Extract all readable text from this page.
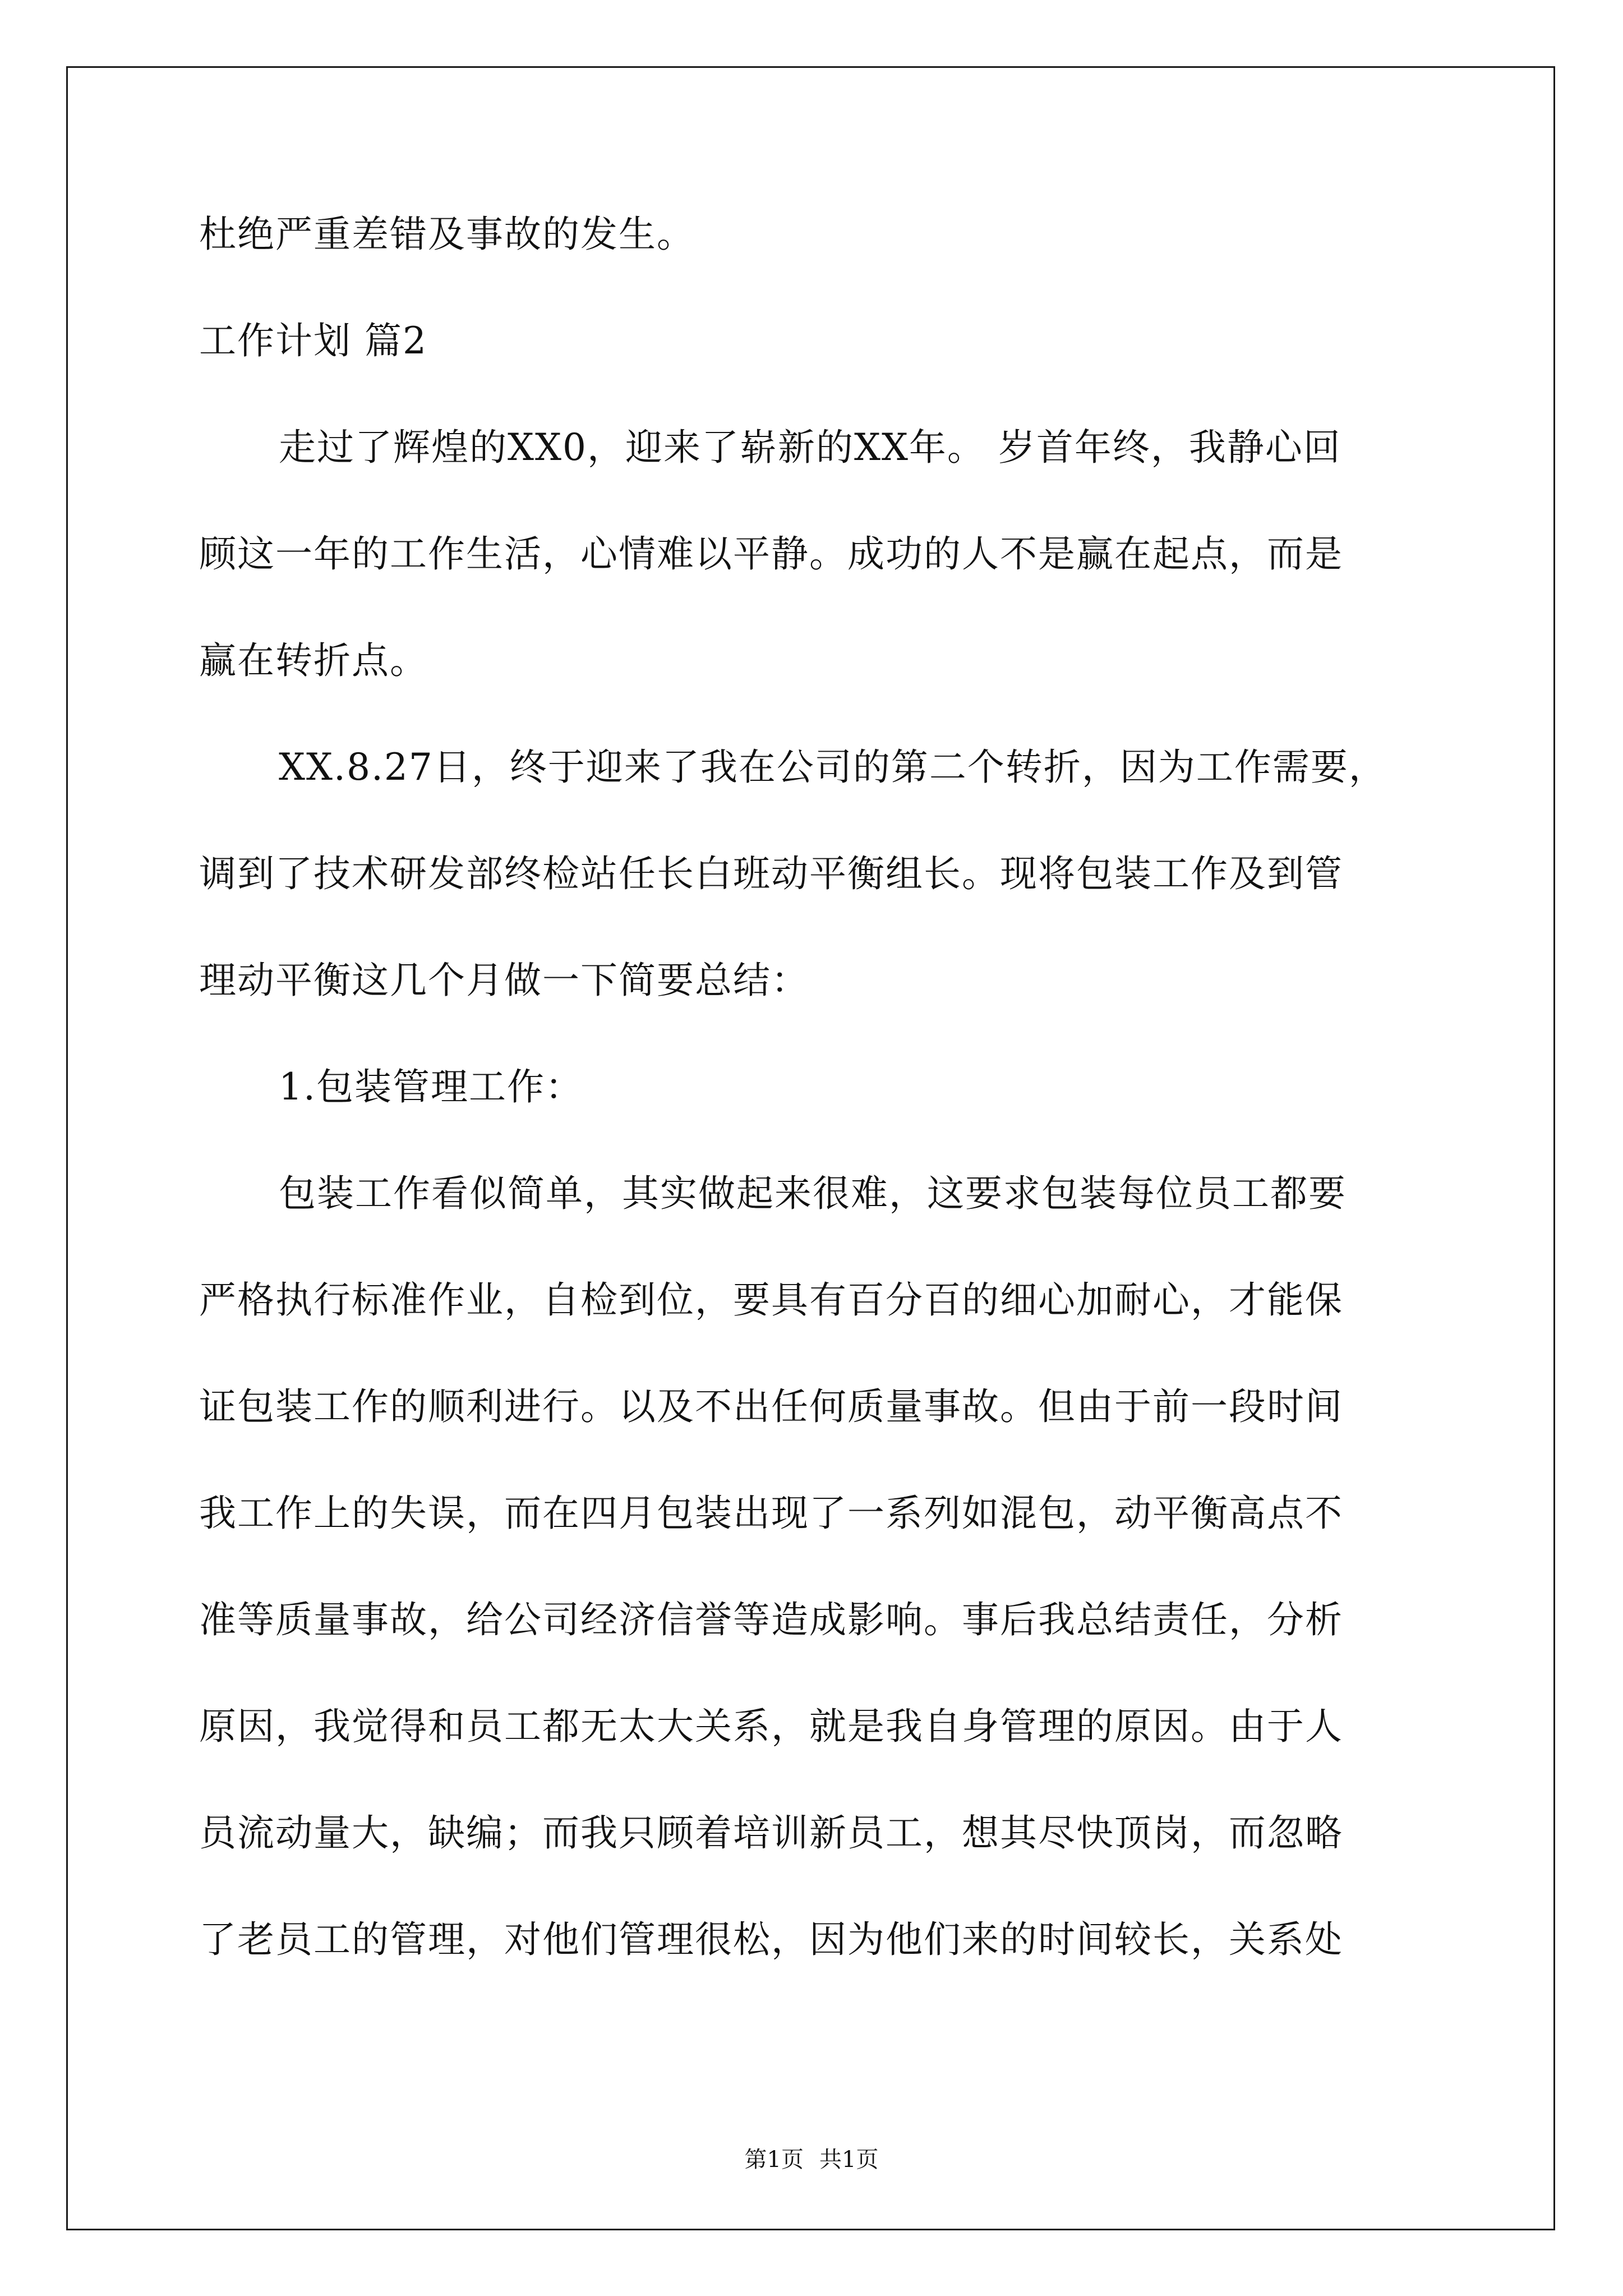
杜绝严重差错及事故的发生。
工作计划 篇2
走过了辉煌的XX0，迎来了崭新的XX年。 岁首年终，我静心回
顾这一年的工作生活，心情难以平静。成功的人不是赢在起点，而是
赢在转折点。
XX.8.27日，终于迎来了我在公司的第二个转折，因为工作需要，
调到了技术研发部终检站任长白班动平衡组长。现将包装工作及到管
理动平衡这几个月做一下简要总结：
1.包装管理工作：
包装工作看似简单，其实做起来很难，这要求包装每位员工都要
严格执行标准作业，自检到位，要具有百分百的细心加耐心，才能保
证包装工作的顺利进行。以及不出任何质量事故。但由于前一段时间
我工作上的失误，而在四月包装出现了一系列如混包，动平衡高点不
准等质量事故，给公司经济信誉等造成影响。事后我总结责任，分析
原因，我觉得和员工都无太大关系，就是我自身管理的原因。由于人
员流动量大，缺编；而我只顾着培训新员工，想其尽快顶岗，而忽略
了老员工的管理，对他们管理很松，因为他们来的时间较长，关系处
第1页 共1页
